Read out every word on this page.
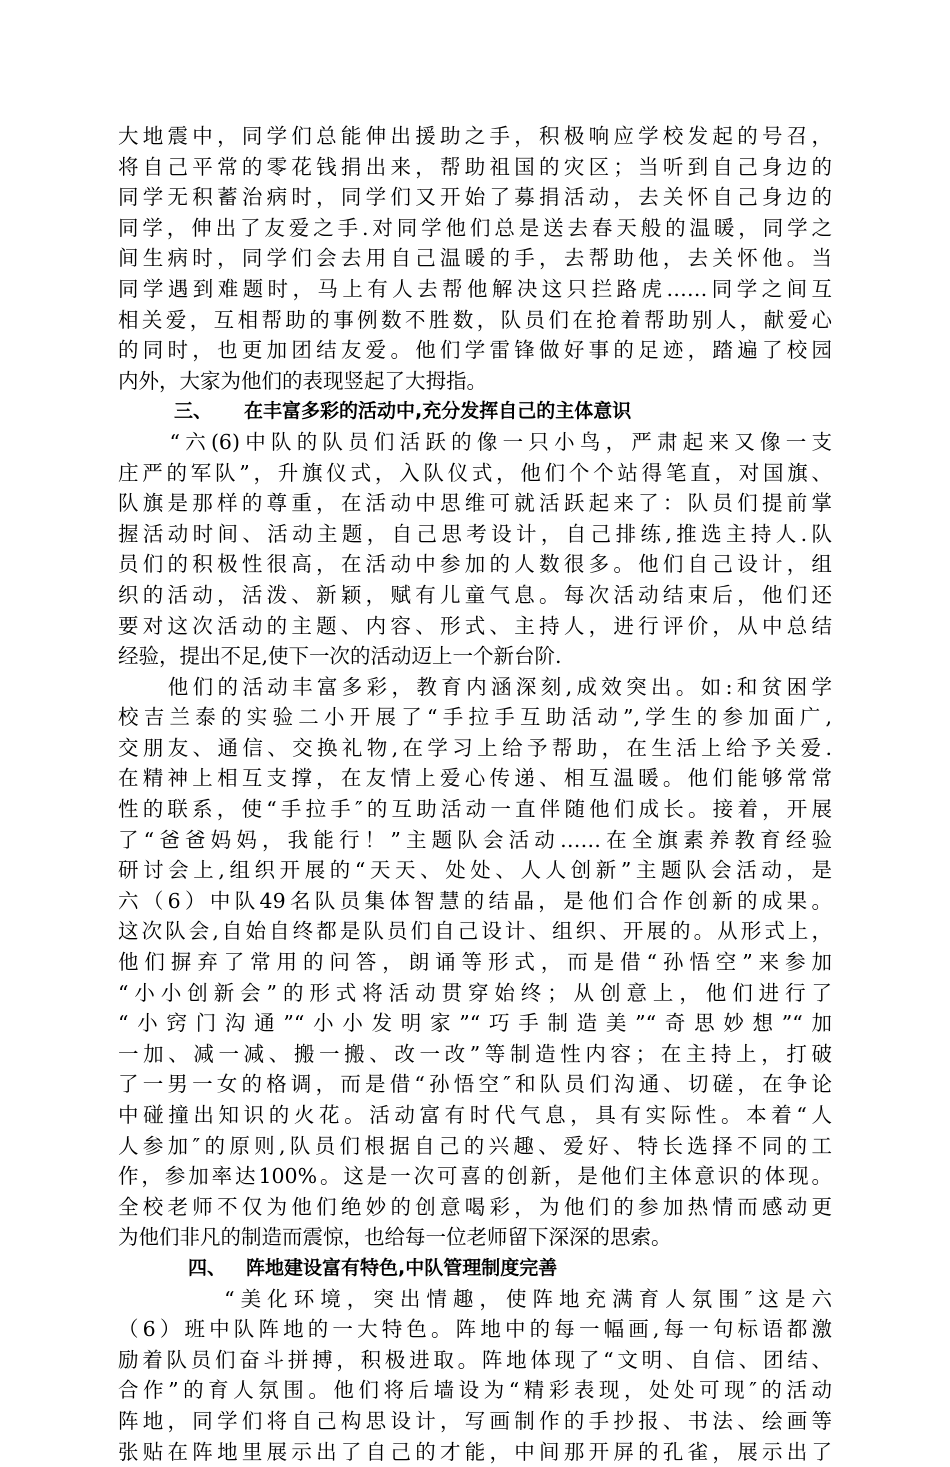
大地震中，同学们总能伸出援助之手，积极响应学校发起的号召，
将自己平常的零花钱捐出来，帮助祖国的灾区；当听到自己身边的
同学无积蓄治病时，同学们又开始了募捐活动，去关怀自己身边的
同学，伸出了友爱之手.对同学他们总是送去春天般的温暖，同学之
间生病时，同学们会去用自己温暖的手，去帮助他，去关怀他。当
同学遇到难题时，马上有人去帮他解决这只拦路虎……同学之间互
相关爱，互相帮助的事例数不胜数，队员们在抢着帮助别人，献爱心
的同时，也更加团结友爱。他们学雷锋做好事的足迹，踏遍了校园
内外，大家为他们的表现竖起了大拇指。
三、 在丰富多彩的活动中,充分发挥自己的主体意识
　　“六(6)中队的队员们活跃的像一只小鸟，严肃起来又像一支
庄严的军队”，升旗仪式，入队仪式，他们个个站得笔直，对国旗、
队旗是那样的尊重，在活动中思维可就活跃起来了：队员们提前掌
握活动时间、活动主题，自己思考设计，自己排练,推选主持人.队
员们的积极性很高，在活动中参加的人数很多。他们自己设计，组
织的活动，活泼、新颖，赋有儿童气息。每次活动结束后，他们还
要对这次活动的主题、内容、形式、主持人，进行评价，从中总结
经验，提出不足,使下一次的活动迈上一个新台阶.
　　他们的活动丰富多彩，教育内涵深刻,成效突出。如:和贫困学
校吉兰泰的实验二小开展了“手拉手互助活动”,学生的参加面广,
交朋友、通信、交换礼物,在学习上给予帮助，在生活上给予关爱.
在精神上相互支撑，在友情上爱心传递、相互温暖。他们能够常常
性的联系，使“手拉手″的互助活动一直伴随他们成长。接着，开展
了“爸爸妈妈，我能行！”主题队会活动……在全旗素养教育经验
研讨会上,组织开展的“天天、处处、人人创新”主题队会活动，是
六（6）中队49名队员集体智慧的结晶，是他们合作创新的成果。
这次队会,自始自终都是队员们自己设计、组织、开展的。从形式上，
他们摒弃了常用的问答，朗诵等形式，而是借“孙悟空”来参加
“小小创新会”的形式将活动贯穿始终；从创意上，他们进行了
“小窍门沟通”“小小发明家”“巧手制造美”“奇思妙想”“加
一加、减一减、搬一搬、改一改”等制造性内容；在主持上，打破
了一男一女的格调，而是借“孙悟空″和队员们沟通、切磋，在争论
中碰撞出知识的火花。活动富有时代气息，具有实际性。本着“人
人参加″的原则,队员们根据自己的兴趣、爱好、特长选择不同的工
作，参加率达100%。这是一次可喜的创新，是他们主体意识的体现。
全校老师不仅为他们绝妙的创意喝彩，为他们的参加热情而感动更
为他们非凡的制造而震惊，也给每一位老师留下深深的思索。
四、 阵地建设富有特色,中队管理制度完善
　　　　“美化环境，突出情趣，使阵地充满育人氛围″这是六
（6）班中队阵地的一大特色。阵地中的每一幅画,每一句标语都激
励着队员们奋斗拼搏，积极进取。阵地体现了“文明、自信、团结、
合作”的育人氛围。他们将后墙设为“精彩表现，处处可现″的活动
阵地，同学们将自己构思设计，写画制作的手抄报、书法、绘画等
张贴在阵地里展示出了自己的才能，中间那开屏的孔雀，展示出了
